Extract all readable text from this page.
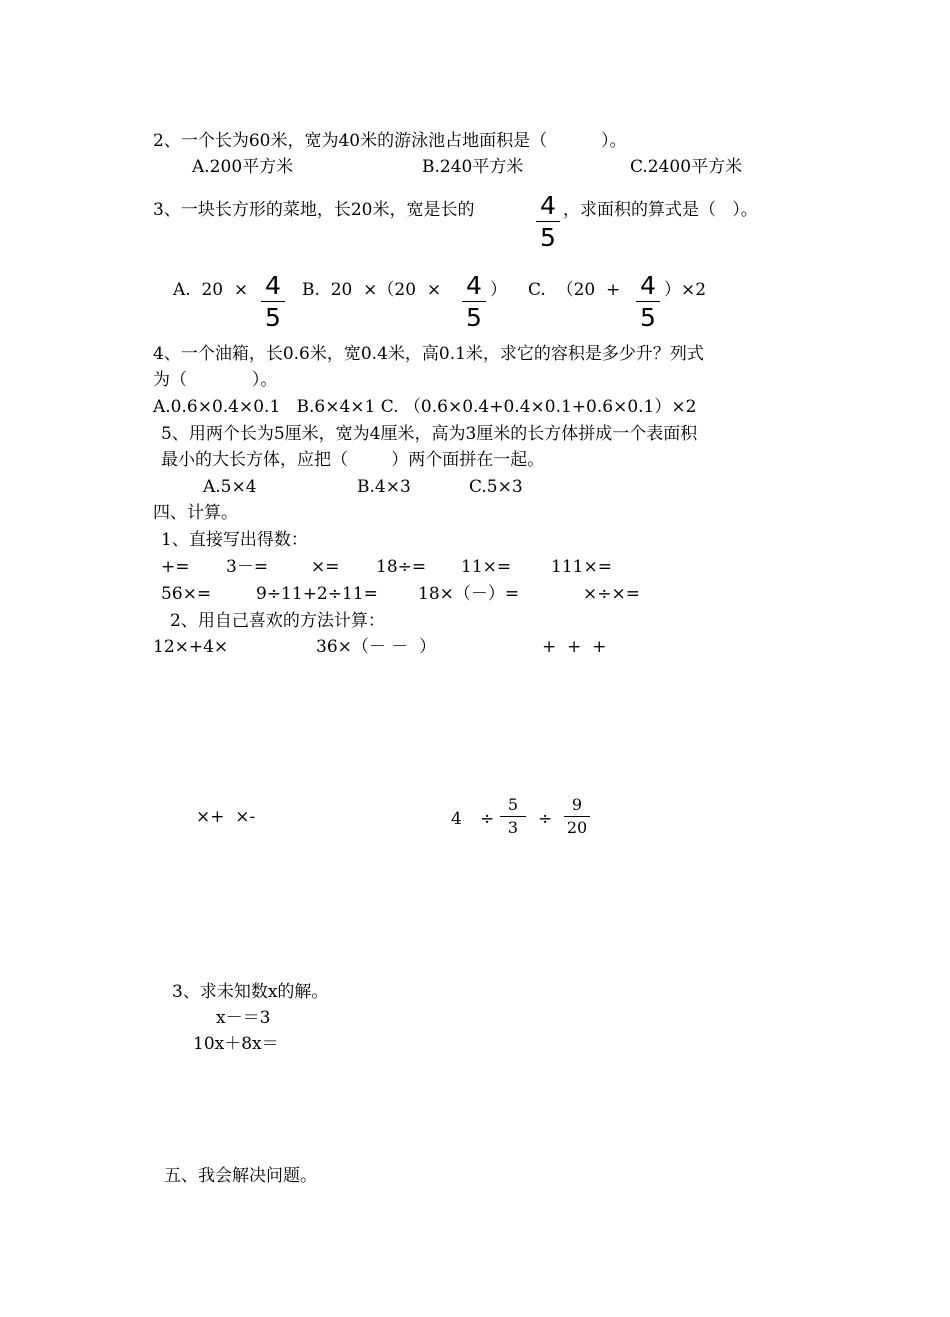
2、一个长为60米，宽为40米的游泳池占地面积是（          ）。
A.200平方米	B.240平方米	C.2400平方米
3、一块长方形的菜地，长20米，宽是长的	4
5
，求面积的算式是（   ）。
A.  20  × 4
5
B.  20  ×（20  × 4
5
） C.  （20  + 4
5
）×2
4、一个油箱，长0.6米，宽0.4米，高0.1米，求它的容积是多少升？列式
为（            ）。
A.0.6×0.4×0.1   B.6×4×1 C. （0.6×0.4+0.4×0.1+0.6×0.1）×2
5、用两个长为5厘米，宽为4厘米，高为3厘米的长方体拼成一个表面积
最小的大长方体，应把（        ）两个面拼在一起。
A.5×4	B.4×3	C.5×3
四、计算。
1、直接写出得数：
+= 3－=	×= 18÷= 11×= 111×=
56×=	9÷11+2÷11= 18×（－）=	×÷×=
2、用自己喜欢的方法计算：
12×+4×	36×（－ －  ）	+  +  +
×+  ×-	4 ÷
5
3	÷
9
20
3、求未知数x的解。
x－＝3
10x＋8x＝
五、我会解决问题。
